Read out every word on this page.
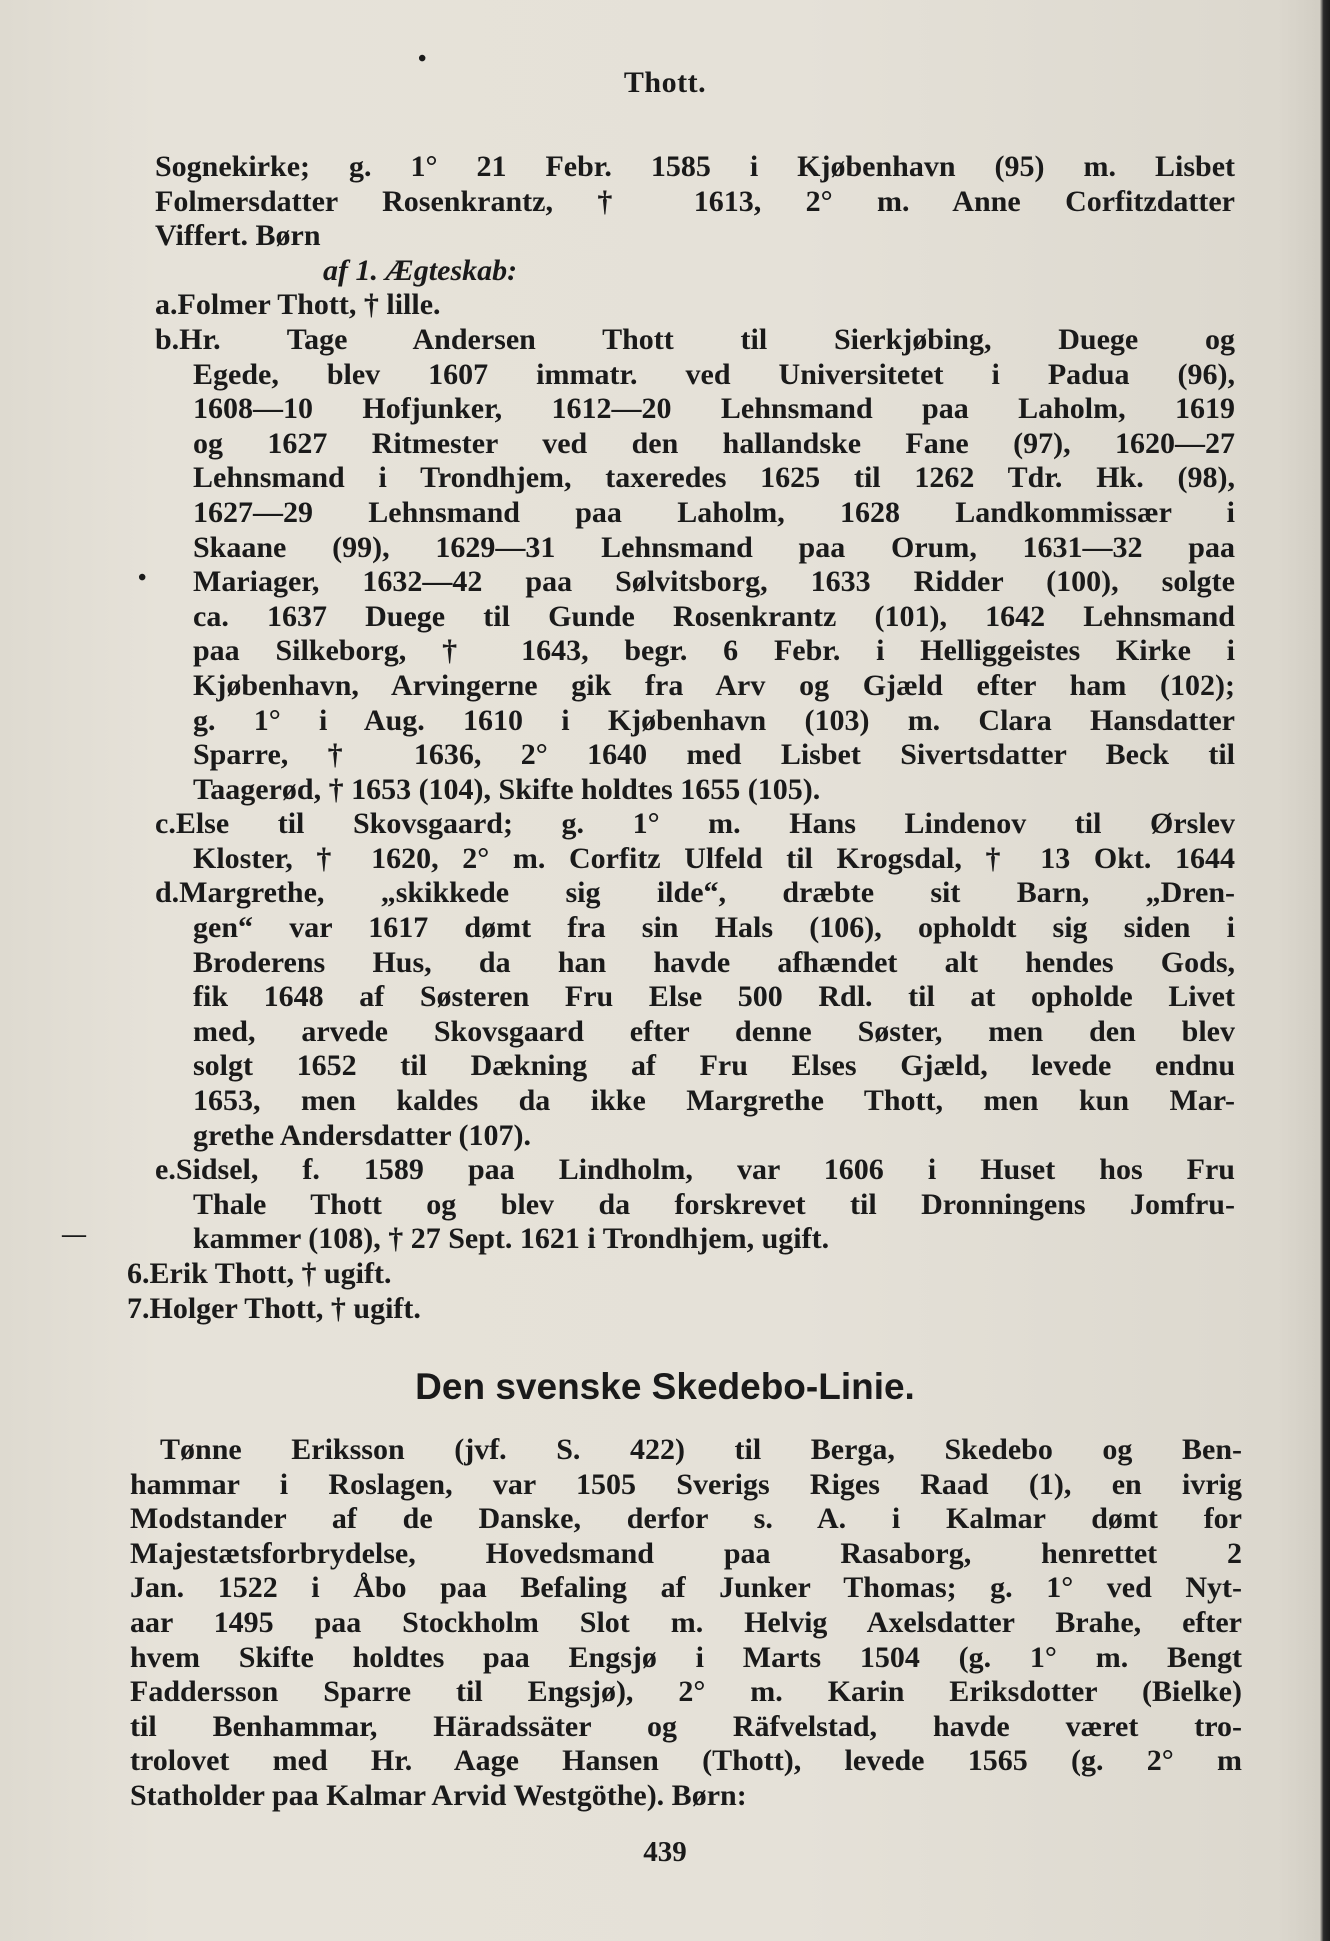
•
•
—
Thott.
Sognekirke; g. 1° 21 Febr. 1585 i Kjøbenhavn (95) m. Lisbet
Folmersdatter Rosenkrantz, † 1613, 2° m. Anne Corfitzdatter
Viffert. Børn
af 1. Ægteskab:
a.Folmer Thott, † lille.
b.Hr. Tage Andersen Thott til Sierkjøbing, Duege og
Egede, blev 1607 immatr. ved Universitetet i Padua (96),
1608—10 Hofjunker, 1612—20 Lehnsmand paa Laholm, 1619
og 1627 Ritmester ved den hallandske Fane (97), 1620—27
Lehnsmand i Trondhjem, taxeredes 1625 til 1262 Tdr. Hk. (98),
1627—29 Lehnsmand paa Laholm, 1628 Landkommissær i
Skaane (99), 1629—31 Lehnsmand paa Orum, 1631—32 paa
Mariager, 1632—42 paa Sølvitsborg, 1633 Ridder (100), solgte
ca. 1637 Duege til Gunde Rosenkrantz (101), 1642 Lehnsmand
paa Silkeborg, † 1643, begr. 6 Febr. i Helliggeistes Kirke i
Kjøbenhavn, Arvingerne gik fra Arv og Gjæld efter ham (102);
g. 1° i Aug. 1610 i Kjøbenhavn (103) m. Clara Hansdatter
Sparre, † 1636, 2° 1640 med Lisbet Sivertsdatter Beck til
Taagerød, † 1653 (104), Skifte holdtes 1655 (105).
c.Else til Skovsgaard; g. 1° m. Hans Lindenov til Ørslev
Kloster, † 1620, 2° m. Corfitz Ulfeld til Krogsdal, † 13 Okt. 1644
d.Margrethe, „skikkede sig ilde“, dræbte sit Barn, „Dren-
gen“ var 1617 dømt fra sin Hals (106), opholdt sig siden i
Broderens Hus, da han havde afhændet alt hendes Gods,
fik 1648 af Søsteren Fru Else 500 Rdl. til at opholde Livet
med, arvede Skovsgaard efter denne Søster, men den blev
solgt 1652 til Dækning af Fru Elses Gjæld, levede endnu
1653, men kaldes da ikke Margrethe Thott, men kun Mar-
grethe Andersdatter (107).
e.Sidsel, f. 1589 paa Lindholm, var 1606 i Huset hos Fru
Thale Thott og blev da forskrevet til Dronningens Jomfru-
kammer (108), † 27 Sept. 1621 i Trondhjem, ugift.
6.Erik Thott, † ugift.
7.Holger Thott, † ugift.
Den svenske Skedebo-Linie.
Tønne Eriksson (jvf. S. 422) til Berga, Skedebo og Ben-
hammar i Roslagen, var 1505 Sverigs Riges Raad (1), en ivrig
Modstander af de Danske, derfor s. A. i Kalmar dømt for
Majestætsforbrydelse, Hovedsmand paa Rasaborg, henrettet 2
Jan. 1522 i Åbo paa Befaling af Junker Thomas; g. 1° ved Nyt-
aar 1495 paa Stockholm Slot m. Helvig Axelsdatter Brahe, efter
hvem Skifte holdtes paa Engsjø i Marts 1504 (g. 1° m. Bengt
Faddersson Sparre til Engsjø), 2° m. Karin Eriksdotter (Bielke)
til Benhammar, Häradssäter og Räfvelstad, havde været tro-
trolovet med Hr. Aage Hansen (Thott), levede 1565 (g. 2° m
Statholder paa Kalmar Arvid Westgöthe). Børn:
439
